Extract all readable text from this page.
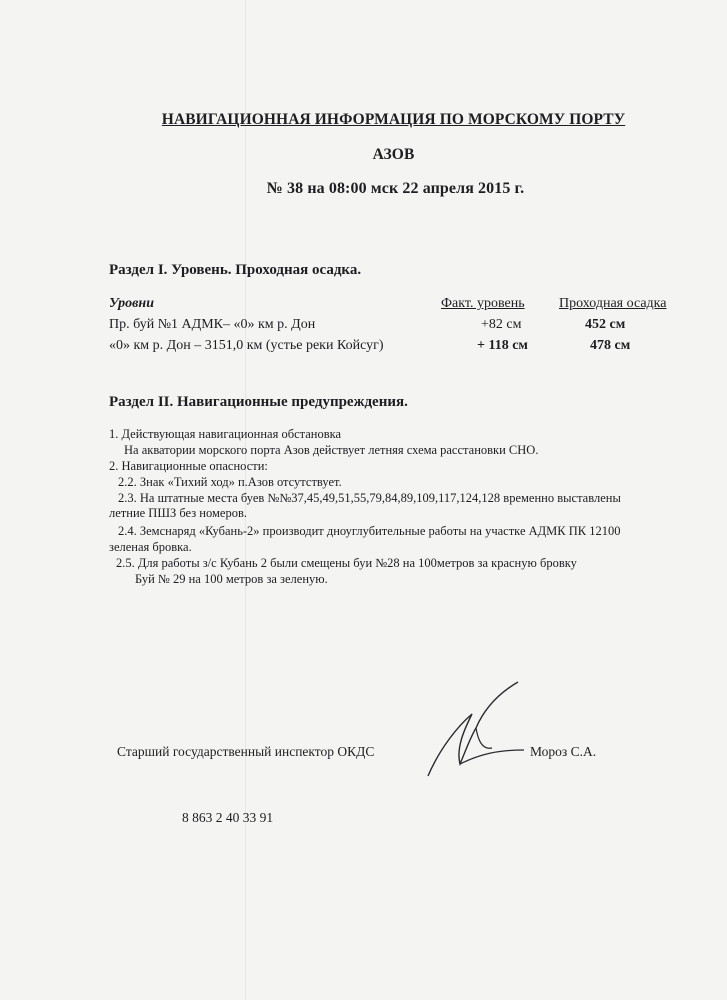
НАВИГАЦИОННАЯ ИНФОРМАЦИЯ ПО МОРСКОМУ ПОРТУ
АЗОВ
№ 38 на 08:00 мск 22 апреля 2015 г.
Раздел I. Уровень. Проходная осадка.
Уровни	Факт. уровень Проходная осадка
Пр. буй №1 АДМК– «0» км р. Дон	+82 см	452 см
«0» км р. Дон – 3151,0 км (устье реки Койсуг)	+ 118 см	478 см
Раздел II. Навигационные предупреждения.
1. Действующая навигационная обстановка
На акватории морского порта Азов действует летняя схема расстановки СНО.
2. Навигационные опасности:
2.2. Знак «Тихий ход» п.Азов отсутствует.
2.3. На штатные места буев №№37,45,49,51,55,79,84,89,109,117,124,128 временно выставлены
летние ПШЗ без номеров.
2.4. Земснаряд «Кубань-2» производит дноуглубительные работы на участке АДМК ПК 12100
зеленая бровка.
2.5. Для работы з/с Кубань 2 были смещены буи №28 на 100метров за красную бровку
Буй № 29 на 100 метров за зеленую.
Старший государственный инспектор ОКДС	Мороз С.А.
8 863 2 40 33 91
